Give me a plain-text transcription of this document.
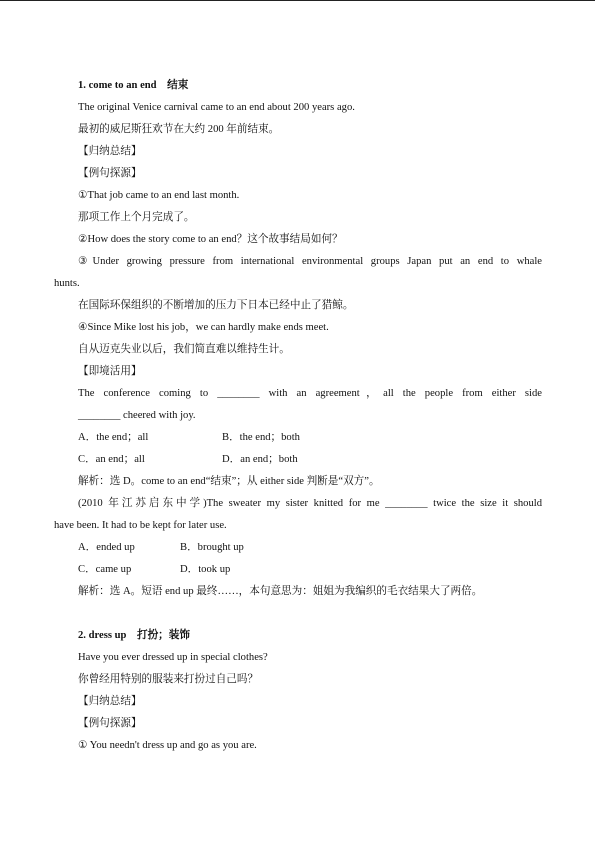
1. come to an end　结束
The original Venice carnival came to an end about 200 years ago.
最初的威尼斯狂欢节在大约 200 年前结束。
【归纳总结】
【例句探源】
①That job came to an end last month.
那项工作上个月完成了。
②How does the story come to an end？这个故事结局如何？
③Under growing pressure from international environmental groups Japan put an end to whale
hunts.
在国际环保组织的不断增加的压力下日本已经中止了猎鲸。
④Since Mike lost his job，we can hardly make ends meet.
自从迈克失业以后，我们简直难以维持生计。
【即境活用】
The conference coming to ________ with an agreement，all the people from either side
________ cheered with joy.
A．the end；all	B．the end；both
C．an end；all	D．an end；both
解析：选 D。come to an end“结束”；从 either side 判断是“双方”。
(2010 年江苏启东中学)The sweater my sister knitted for me ________ twice the size it should
have been. It had to be kept for later use.
A．ended up	B．brought up
C．came up	D．took up
解析：选 A。短语 end up 最终……，本句意思为：姐姐为我编织的毛衣结果大了两倍。
2. dress up　打扮；装饰
Have you ever dressed up in special clothes?
你曾经用特别的服装来打扮过自己吗？
【归纳总结】
【例句探源】
① You needn't dress up and go as you are.
